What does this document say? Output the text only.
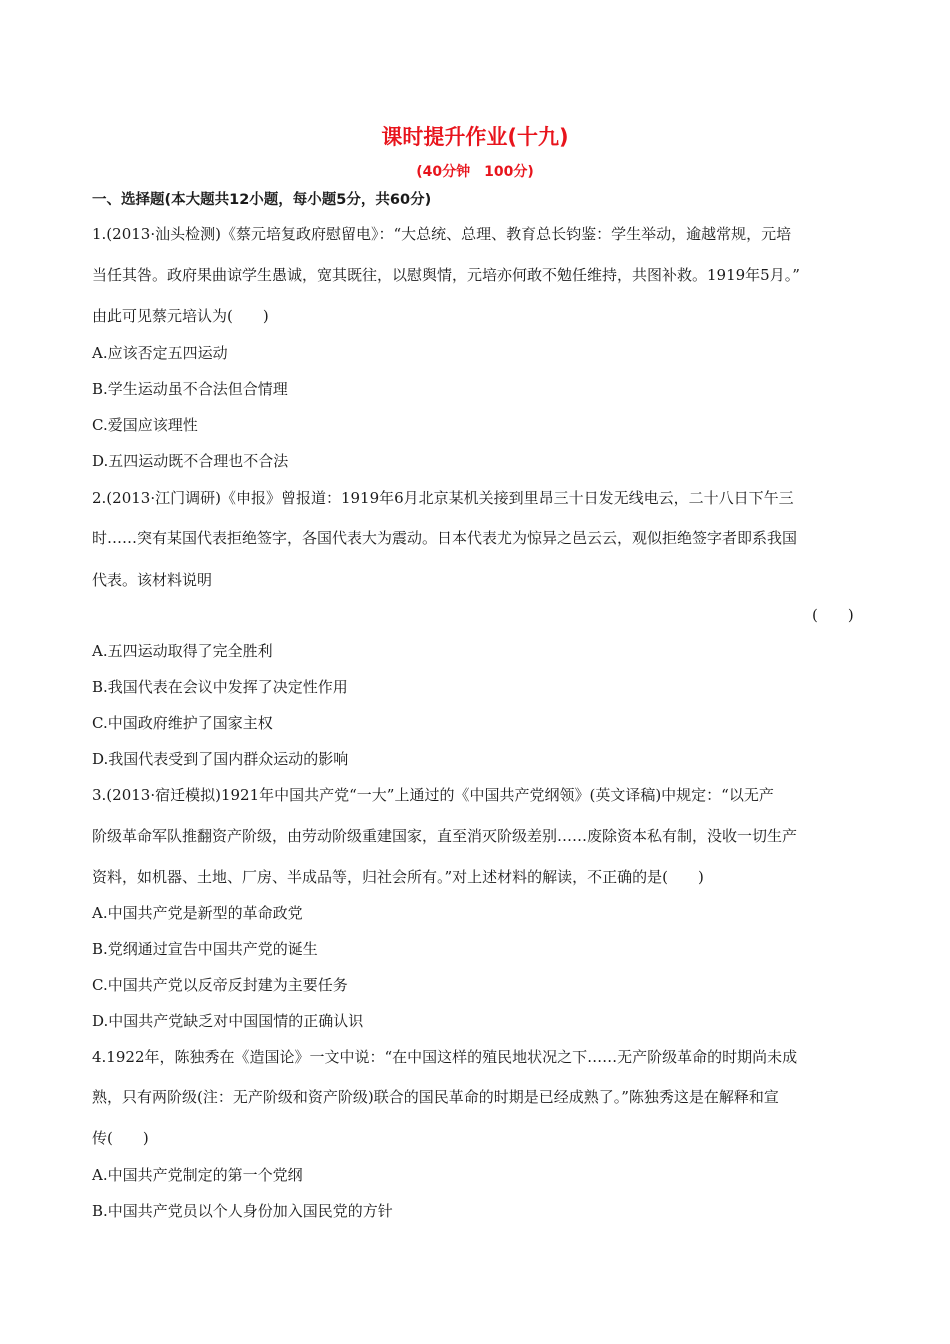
课时提升作业(十九)
(40分钟　100分)
一、选择题(本大题共12小题，每小题5分，共60分)
1.(2013·汕头检测)《蔡元培复政府慰留电》：“大总统、总理、教育总长钧鉴：学生举动，逾越常规，元培
当任其咎。政府果曲谅学生愚诚，宽其既往，以慰舆情，元培亦何敢不勉任维持，共图补救。1919年5月。”
由此可见蔡元培认为(　　)
A.应该否定五四运动
B.学生运动虽不合法但合情理
C.爱国应该理性
D.五四运动既不合理也不合法
2.(2013·江门调研)《申报》曾报道：1919年6月北京某机关接到里昂三十日发无线电云，二十八日下午三
时……突有某国代表拒绝签字，各国代表大为震动。日本代表尤为惊异之邑云云，观似拒绝签字者即系我国
代表。该材料说明
(　　)
A.五四运动取得了完全胜利
B.我国代表在会议中发挥了决定性作用
C.中国政府维护了国家主权
D.我国代表受到了国内群众运动的影响
3.(2013·宿迁模拟)1921年中国共产党“一大”上通过的《中国共产党纲领》(英文译稿)中规定：“以无产
阶级革命军队推翻资产阶级，由劳动阶级重建国家，直至消灭阶级差别……废除资本私有制，没收一切生产
资料，如机器、土地、厂房、半成品等，归社会所有。”对上述材料的解读，不正确的是(　　)
A.中国共产党是新型的革命政党
B.党纲通过宣告中国共产党的诞生
C.中国共产党以反帝反封建为主要任务
D.中国共产党缺乏对中国国情的正确认识
4.1922年，陈独秀在《造国论》一文中说：“在中国这样的殖民地状况之下……无产阶级革命的时期尚未成
熟，只有两阶级(注：无产阶级和资产阶级)联合的国民革命的时期是已经成熟了。”陈独秀这是在解释和宣
传(　　)
A.中国共产党制定的第一个党纲
B.中国共产党员以个人身份加入国民党的方针
